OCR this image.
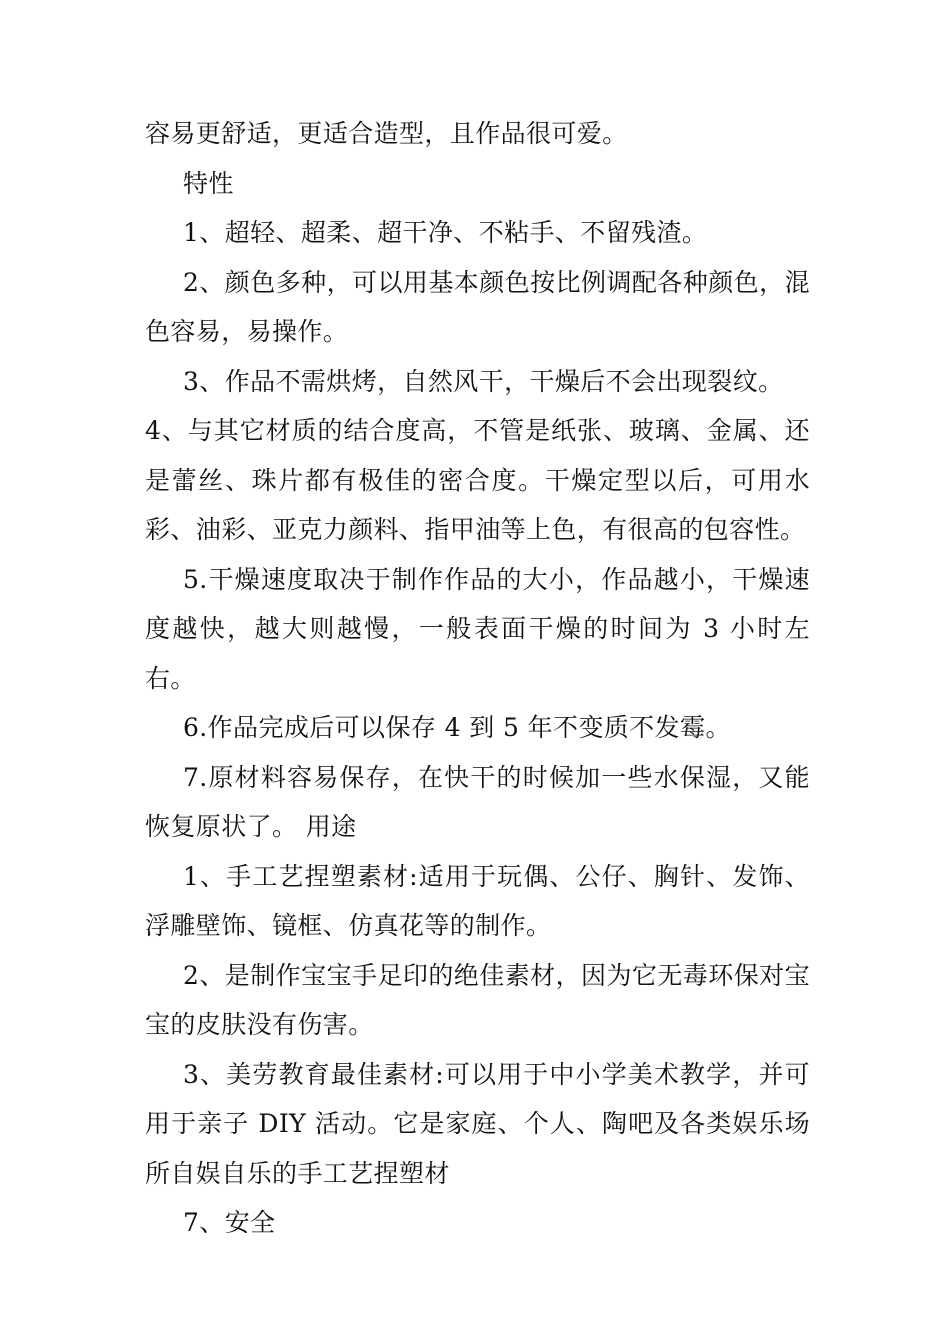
容易更舒适，更适合造型，且作品很可爱。

特性

1、超轻、超柔、超干净、不粘手、不留残渣。

2、颜色多种，可以用基本颜色按比例调配各种颜色，混色容易，易操作。

3、作品不需烘烤，自然风干，干燥后不会出现裂纹。

4、与其它材质的结合度高，不管是纸张、玻璃、金属、还是蕾丝、珠片都有极佳的密合度。干燥定型以后，可用水彩、油彩、亚克力颜料、指甲油等上色，有很高的包容性。

5.干燥速度取决于制作作品的大小，作品越小，干燥速度越快，越大则越慢，一般表面干燥的时间为 3 小时左右。

6.作品完成后可以保存 4 到 5 年不变质不发霉。

7.原材料容易保存，在快干的时候加一些水保湿，又能恢复原状了。 用途

1、手工艺捏塑素材:适用于玩偶、公仔、胸针、发饰、浮雕壁饰、镜框、仿真花等的制作。

2、是制作宝宝手足印的绝佳素材，因为它无毒环保对宝宝的皮肤没有伤害。

3、美劳教育最佳素材:可以用于中小学美术教学，并可用于亲子 DIY 活动。它是家庭、个人、陶吧及各类娱乐场所自娱自乐的手工艺捏塑材

7、安全
